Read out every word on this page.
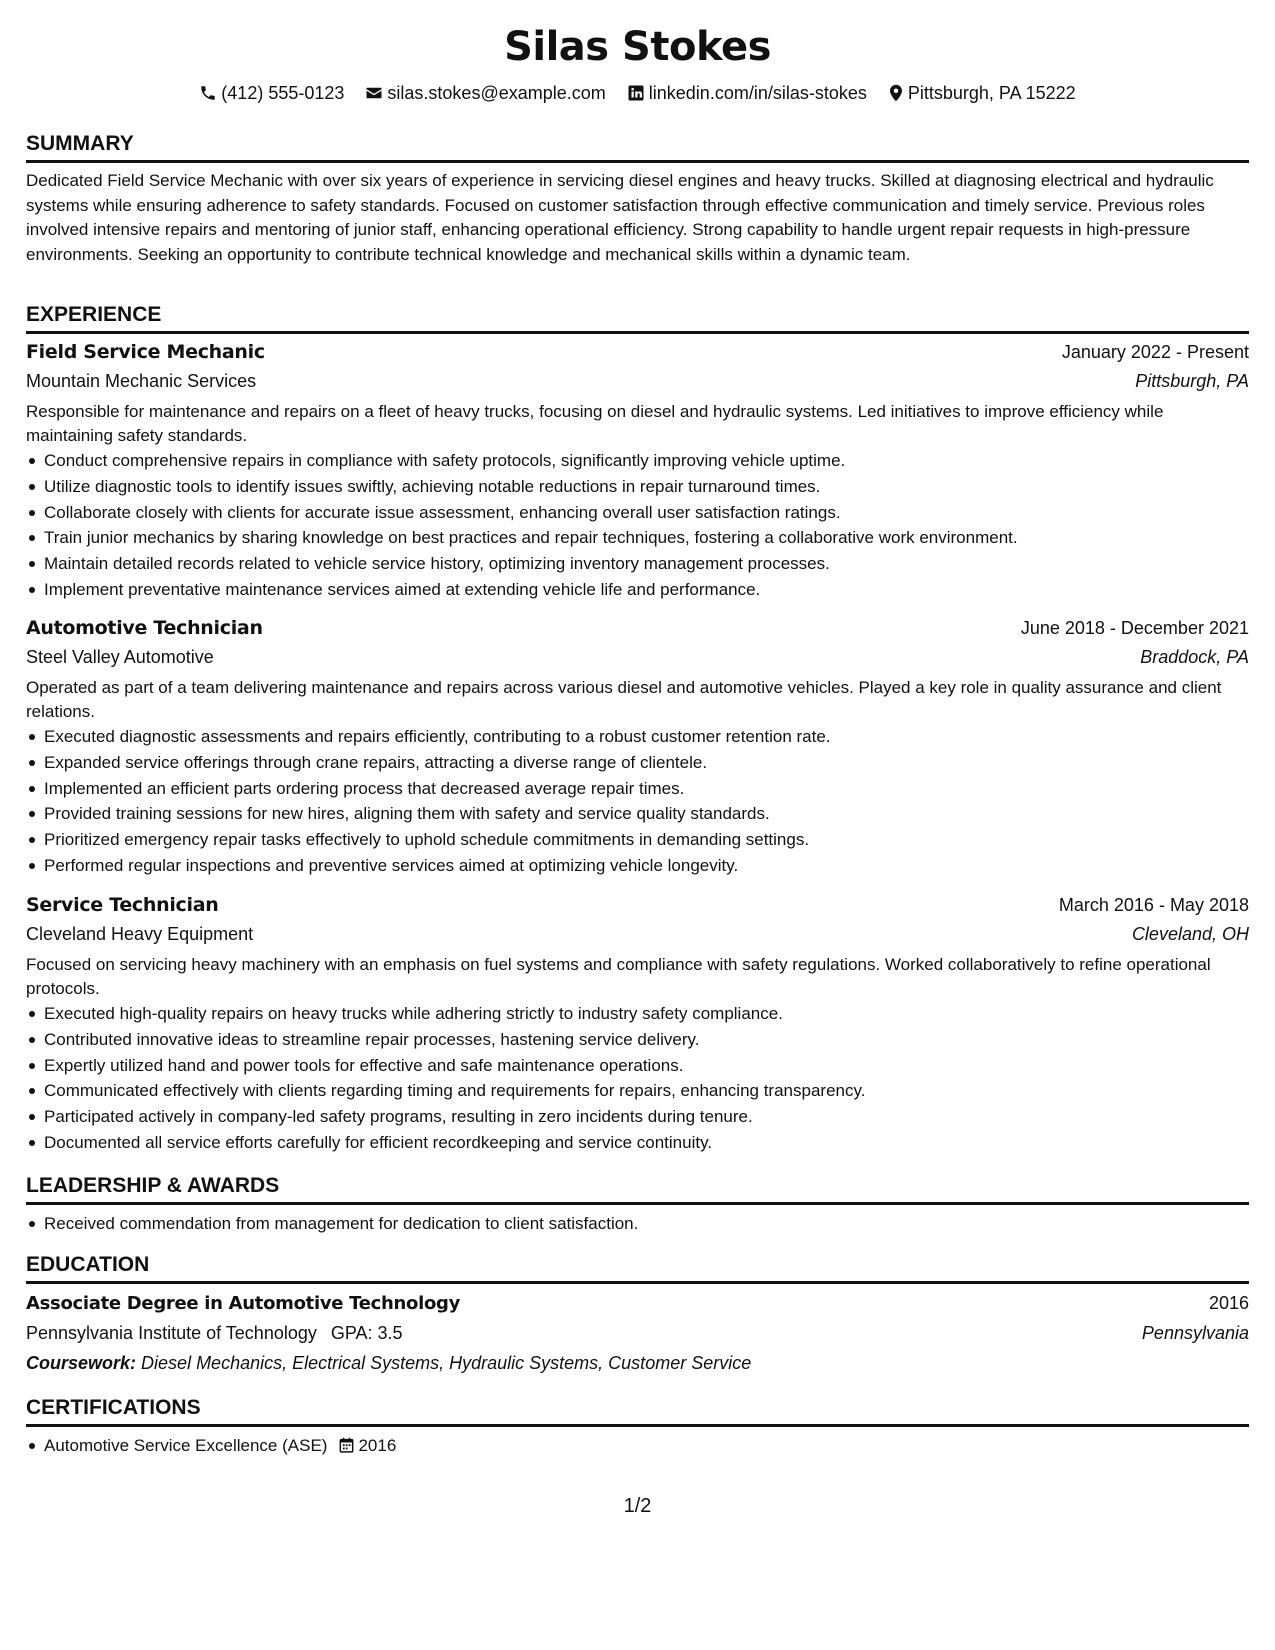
Silas Stokes
(412) 555-0123 silas.stokes@example.com linkedin.com/in/silas-stokes Pittsburgh, PA 15222
SUMMARY

Dedicated Field Service Mechanic with over six years of experience in servicing diesel engines and heavy trucks. Skilled at diagnosing electrical and hydraulic systems while ensuring adherence to safety standards. Focused on customer satisfaction through effective communication and timely service. Previous roles involved intensive repairs and mentoring of junior staff, enhancing operational efficiency. Strong capability to handle urgent repair requests in high-pressure environments. Seeking an opportunity to contribute technical knowledge and mechanical skills within a dynamic team.

EXPERIENCE
Field Service Mechanic	January 2022 - Present
Mountain Mechanic Services	Pittsburgh, PA

Responsible for maintenance and repairs on a fleet of heavy trucks, focusing on diesel and hydraulic systems. Led initiatives to improve efficiency while maintaining safety standards.

Conduct comprehensive repairs in compliance with safety protocols, significantly improving vehicle uptime.
Utilize diagnostic tools to identify issues swiftly, achieving notable reductions in repair turnaround times.
Collaborate closely with clients for accurate issue assessment, enhancing overall user satisfaction ratings.
Train junior mechanics by sharing knowledge on best practices and repair techniques, fostering a collaborative work environment.
Maintain detailed records related to vehicle service history, optimizing inventory management processes.
Implement preventative maintenance services aimed at extending vehicle life and performance.
Automotive Technician	June 2018 - December 2021
Steel Valley Automotive	Braddock, PA

Operated as part of a team delivering maintenance and repairs across various diesel and automotive vehicles. Played a key role in quality assurance and client relations.

Executed diagnostic assessments and repairs efficiently, contributing to a robust customer retention rate.
Expanded service offerings through crane repairs, attracting a diverse range of clientele.
Implemented an efficient parts ordering process that decreased average repair times.
Provided training sessions for new hires, aligning them with safety and service quality standards.
Prioritized emergency repair tasks effectively to uphold schedule commitments in demanding settings.
Performed regular inspections and preventive services aimed at optimizing vehicle longevity.
Service Technician	March 2016 - May 2018
Cleveland Heavy Equipment	Cleveland, OH

Focused on servicing heavy machinery with an emphasis on fuel systems and compliance with safety regulations. Worked collaboratively to refine operational protocols.

Executed high-quality repairs on heavy trucks while adhering strictly to industry safety compliance.
Contributed innovative ideas to streamline repair processes, hastening service delivery.
Expertly utilized hand and power tools for effective and safe maintenance operations.
Communicated effectively with clients regarding timing and requirements for repairs, enhancing transparency.
Participated actively in company-led safety programs, resulting in zero incidents during tenure.
Documented all service efforts carefully for efficient recordkeeping and service continuity.
LEADERSHIP & AWARDS
Received commendation from management for dedication to client satisfaction.
EDUCATION
Associate Degree in Automotive Technology	2016
Pennsylvania Institute of Technology GPA: 3.5	Pennsylvania
Coursework: Diesel Mechanics, Electrical Systems, Hydraulic Systems, Customer Service
CERTIFICATIONS
Automotive Service Excellence (ASE) 2016
1/2
